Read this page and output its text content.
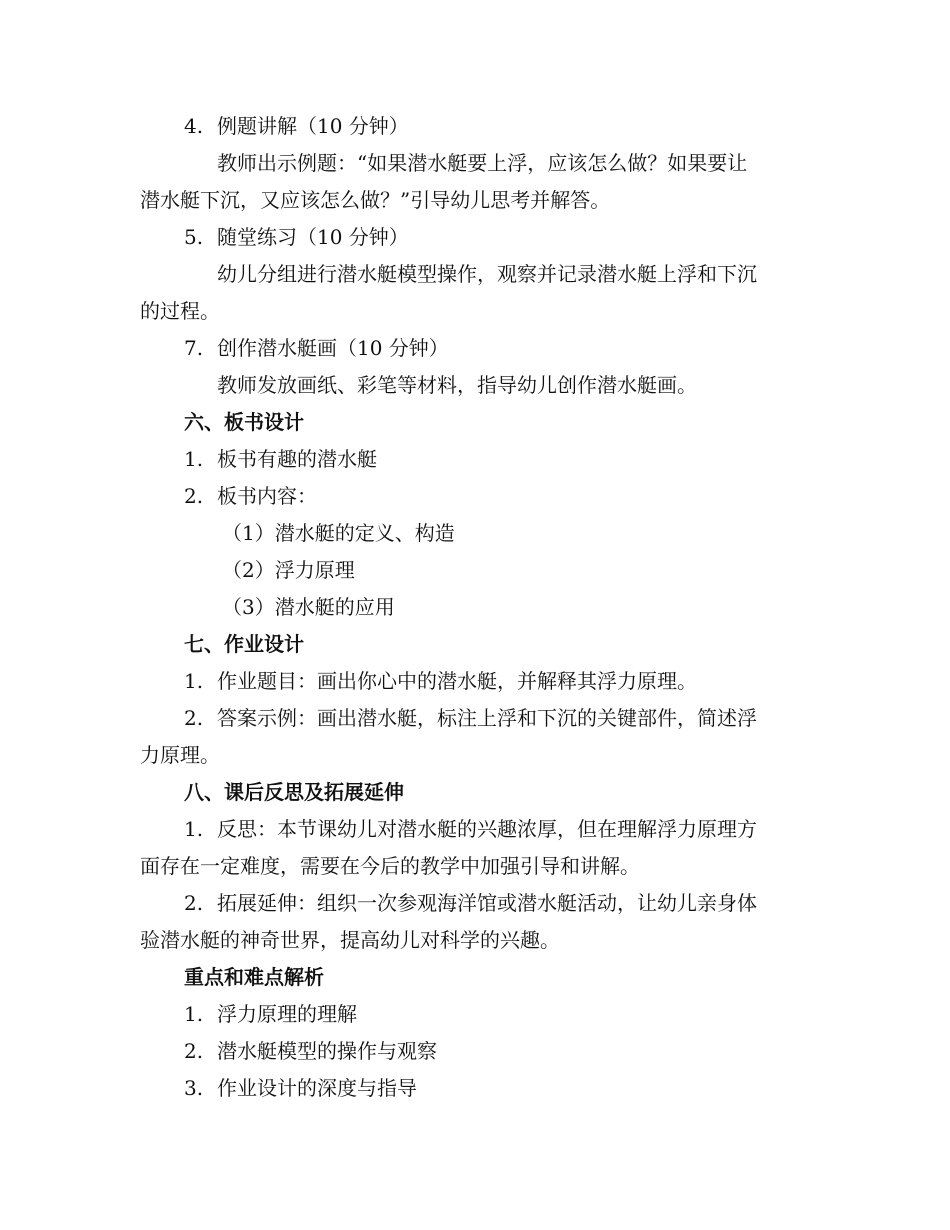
4. 例题讲解（10 分钟）
教师出示例题：“如果潜水艇要上浮，应该怎么做？如果要让
潜水艇下沉，又应该怎么做？”引导幼儿思考并解答。
5. 随堂练习（10 分钟）
幼儿分组进行潜水艇模型操作，观察并记录潜水艇上浮和下沉
的过程。
7. 创作潜水艇画（10 分钟）
教师发放画纸、彩笔等材料，指导幼儿创作潜水艇画。
六、板书设计
1. 板书有趣的潜水艇
2. 板书内容：
（1）潜水艇的定义、构造
（2）浮力原理
（3）潜水艇的应用
七、作业设计
1. 作业题目：画出你心中的潜水艇，并解释其浮力原理。
2. 答案示例：画出潜水艇，标注上浮和下沉的关键部件，简述浮
力原理。
八、课后反思及拓展延伸
1. 反思：本节课幼儿对潜水艇的兴趣浓厚，但在理解浮力原理方
面存在一定难度，需要在今后的教学中加强引导和讲解。
2. 拓展延伸：组织一次参观海洋馆或潜水艇活动，让幼儿亲身体
验潜水艇的神奇世界，提高幼儿对科学的兴趣。
重点和难点解析
1. 浮力原理的理解
2. 潜水艇模型的操作与观察
3. 作业设计的深度与指导
